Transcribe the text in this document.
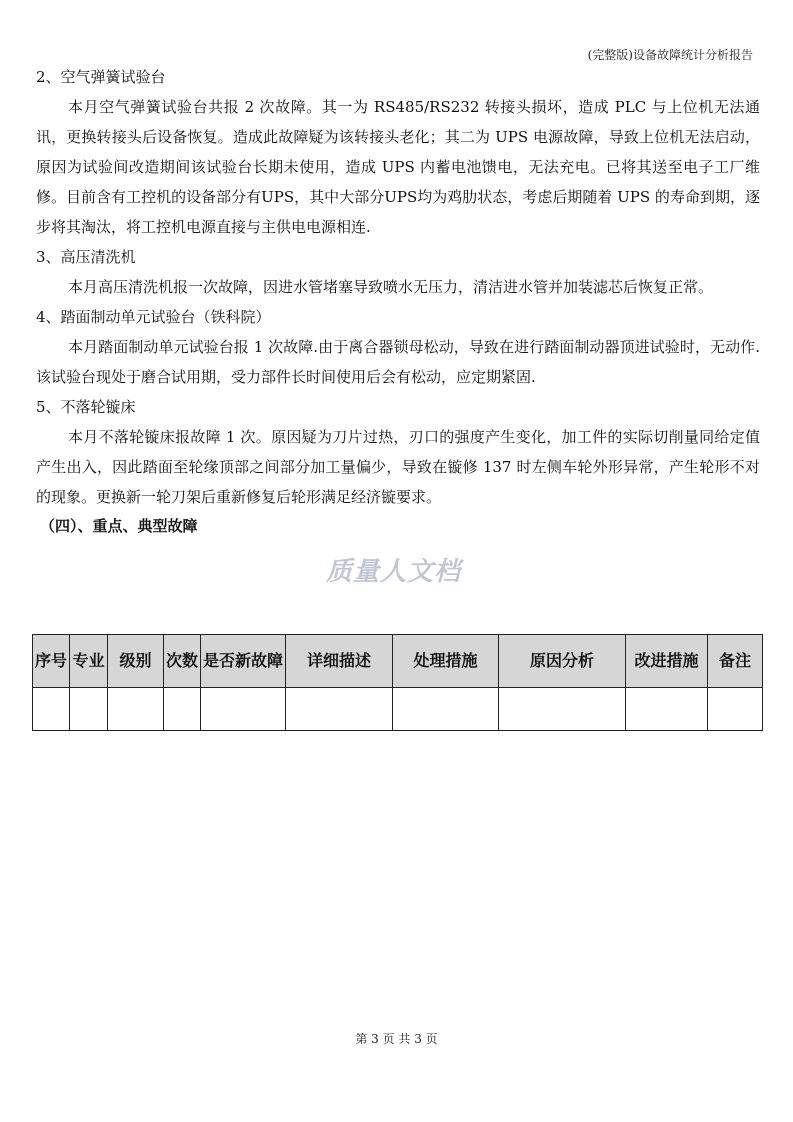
(完整版)设备故障统计分析报告

2、空气弹簧试验台

本月空气弹簧试验台共报 2 次故障。其一为 RS485/RS232 转接头损坏，造成 PLC 与上位机无法通讯，更换转接头后设备恢复。造成此故障疑为该转接头老化；其二为 UPS 电源故障，导致上位机无法启动，原因为试验间改造期间该试验台长期未使用，造成 UPS 内蓄电池馈电，无法充电。已将其送至电子工厂维修。目前含有工控机的设备部分有UPS，其中大部分UPS均为鸡肋状态，考虑后期随着 UPS 的寿命到期，逐步将其淘汰，将工控机电源直接与主供电电源相连.

3、高压清洗机

本月高压清洗机报一次故障，因进水管堵塞导致喷水无压力，清洁进水管并加装滤芯后恢复正常。

4、踏面制动单元试验台（铁科院）

本月踏面制动单元试验台报 1 次故障.由于离合器锁母松动，导致在进行踏面制动器顶进试验时，无动作.该试验台现处于磨合试用期，受力部件长时间使用后会有松动，应定期紧固.

5、不落轮镟床

本月不落轮镟床报故障 1 次。原因疑为刀片过热，刃口的强度产生变化，加工件的实际切削量同给定值产生出入，因此踏面至轮缘顶部之间部分加工量偏少，导致在镟修 137 时左侧车轮外形异常，产生轮形不对的现象。更换新一轮刀架后重新修复后轮形满足经济镟要求。

（四）、重点、典型故障

序号	专业	级别	次数	是否新故障	详细描述	处理措施	原因分析	改进措施	备注

质量人文档
第 3 页 共 3 页
